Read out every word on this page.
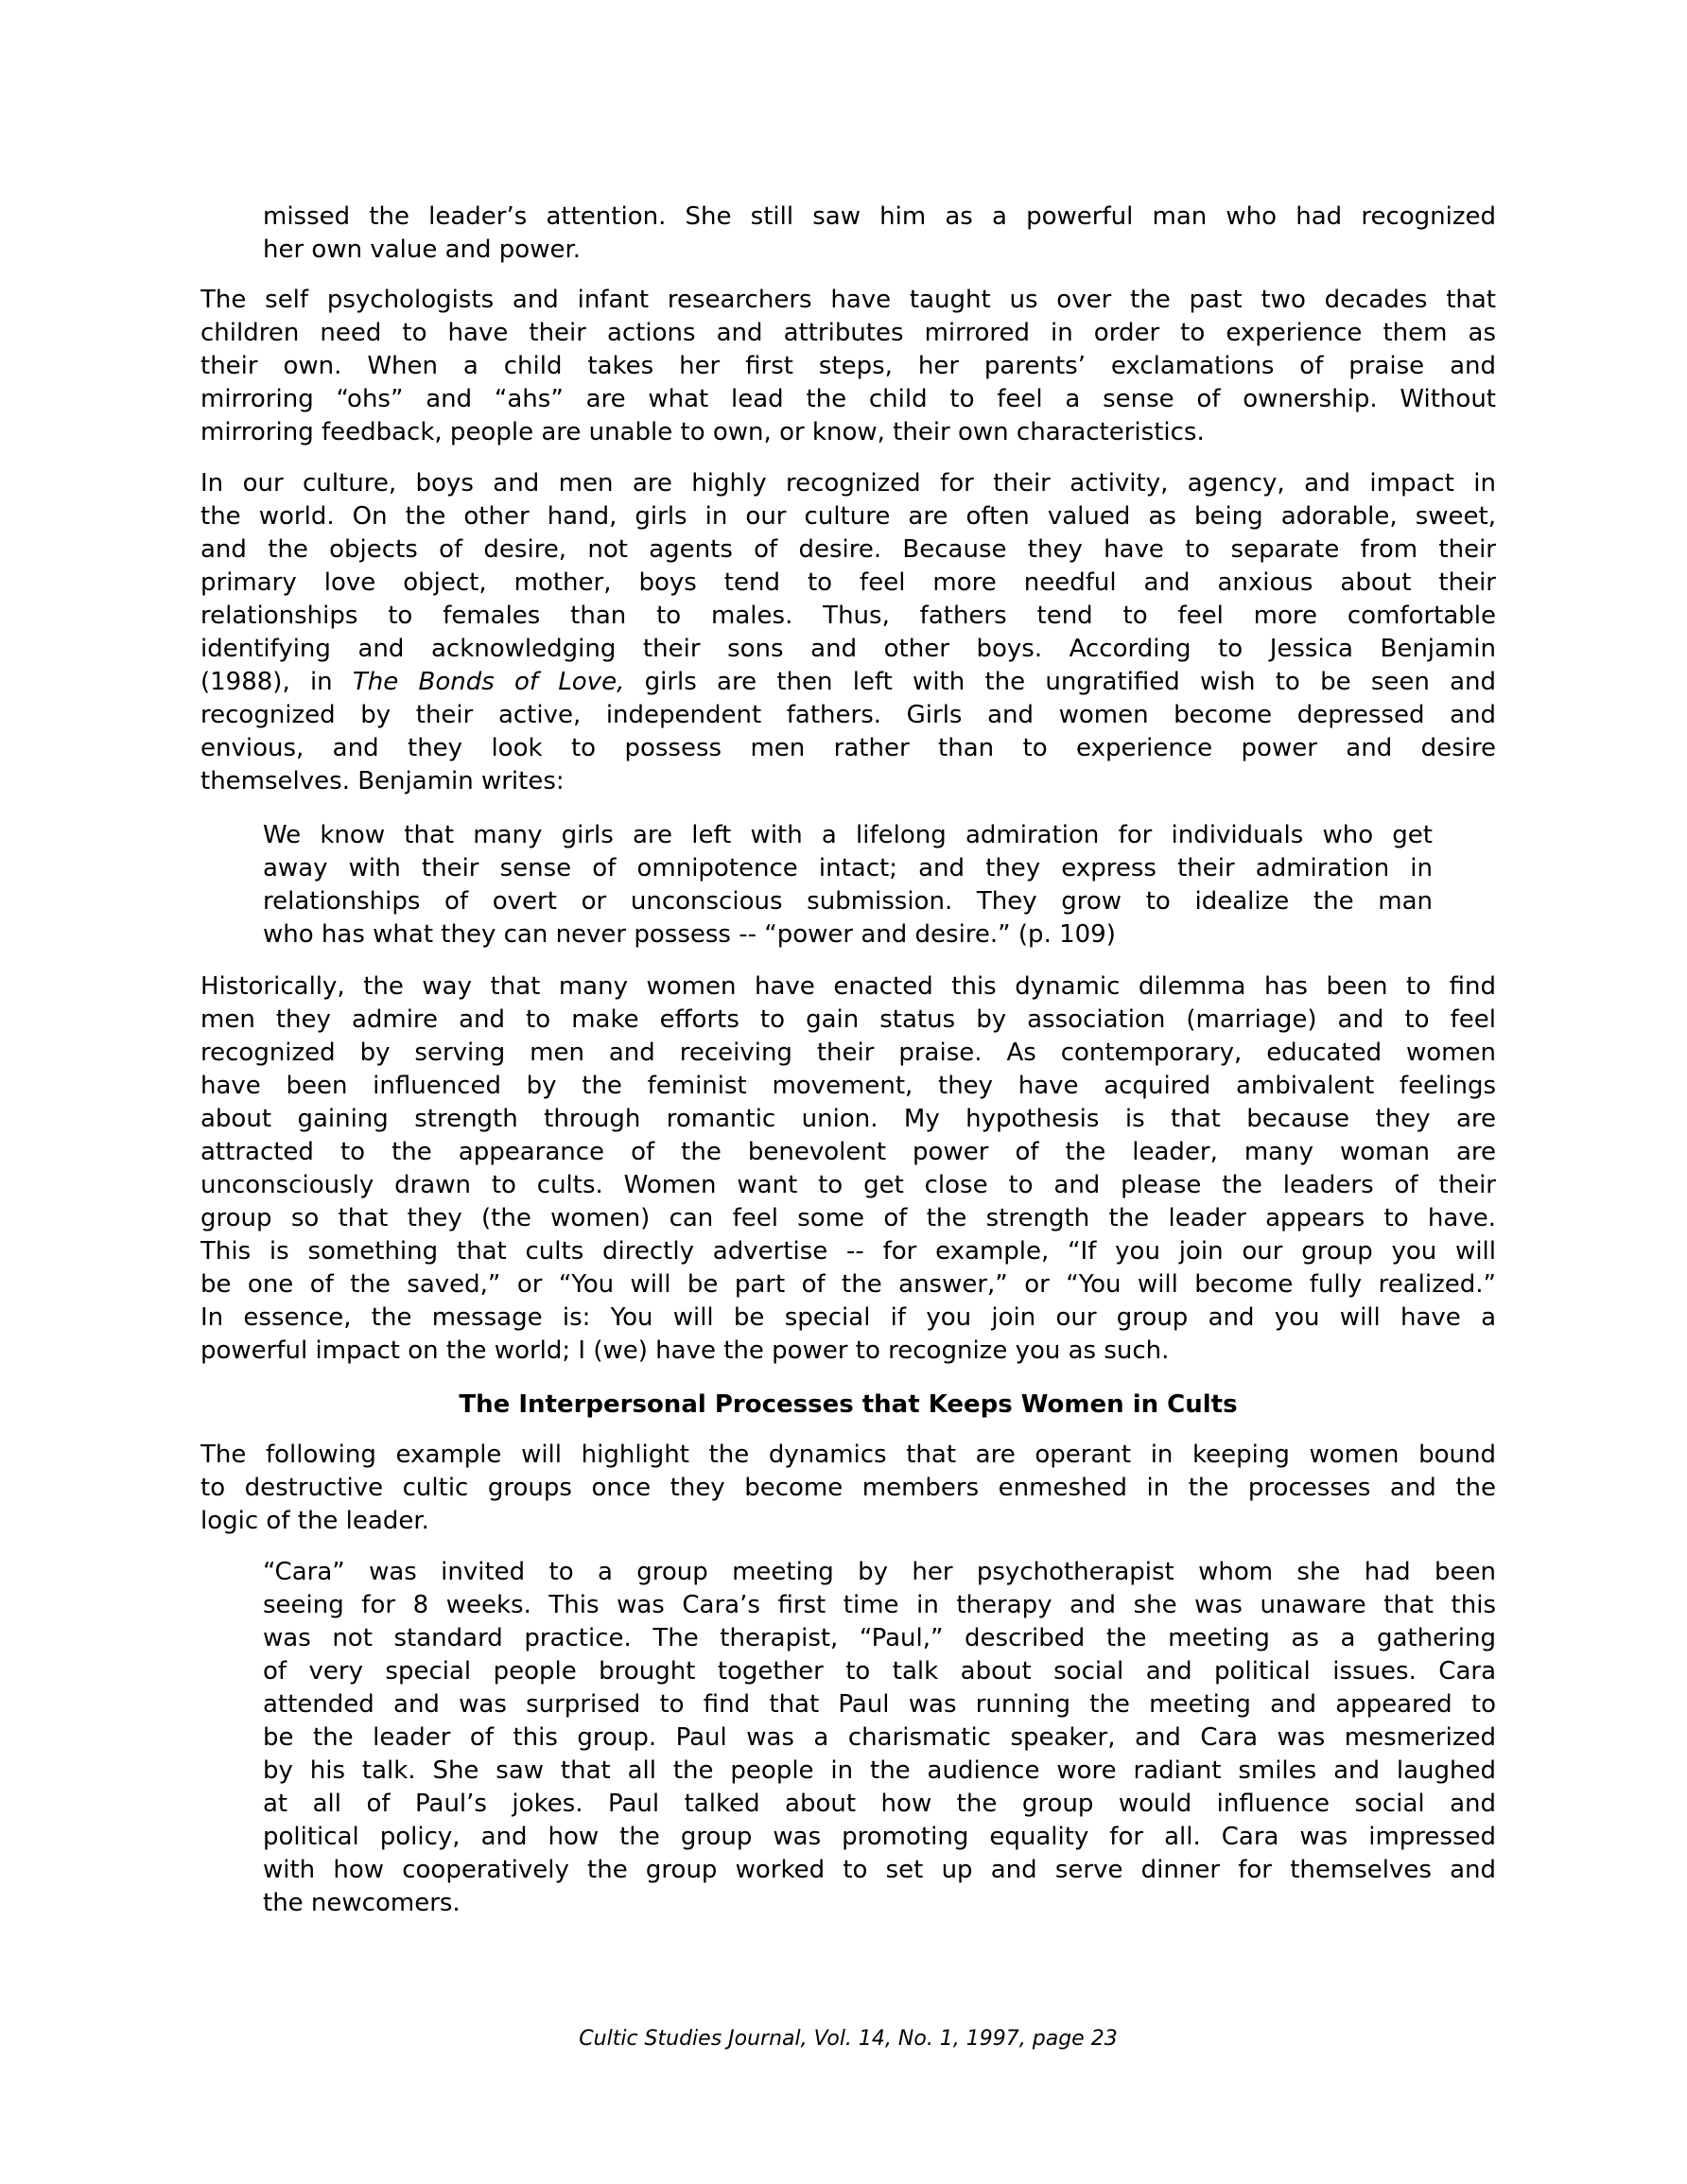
missed the leader’s attention. She still saw him as a powerful man who had recognized
her own value and power.
The self psychologists and infant researchers have taught us over the past two decades that
children need to have their actions and attributes mirrored in order to experience them as
their own. When a child takes her first steps, her parents’ exclamations of praise and
mirroring “ohs” and “ahs” are what lead the child to feel a sense of ownership. Without
mirroring feedback, people are unable to own, or know, their own characteristics.
In our culture, boys and men are highly recognized for their activity, agency, and impact in
the world. On the other hand, girls in our culture are often valued as being adorable, sweet,
and the objects of desire, not agents of desire. Because they have to separate from their
primary love object, mother, boys tend to feel more needful and anxious about their
relationships to females than to males. Thus, fathers tend to feel more comfortable
identifying and acknowledging their sons and other boys. According to Jessica Benjamin
(1988), in The Bonds of Love, girls are then left with the ungratified wish to be seen and
recognized by their active, independent fathers. Girls and women become depressed and
envious, and they look to possess men rather than to experience power and desire
themselves. Benjamin writes:
We know that many girls are left with a lifelong admiration for individuals who get
away with their sense of omnipotence intact; and they express their admiration in
relationships of overt or unconscious submission. They grow to idealize the man
who has what they can never possess -- “power and desire.” (p. 109)
Historically, the way that many women have enacted this dynamic dilemma has been to find
men they admire and to make efforts to gain status by association (marriage) and to feel
recognized by serving men and receiving their praise. As contemporary, educated women
have been influenced by the feminist movement, they have acquired ambivalent feelings
about gaining strength through romantic union. My hypothesis is that because they are
attracted to the appearance of the benevolent power of the leader, many woman are
unconsciously drawn to cults. Women want to get close to and please the leaders of their
group so that they (the women) can feel some of the strength the leader appears to have.
This is something that cults directly advertise -- for example, “If you join our group you will
be one of the saved,” or “You will be part of the answer,” or “You will become fully realized.”
In essence, the message is: You will be special if you join our group and you will have a
powerful impact on the world; I (we) have the power to recognize you as such.
The Interpersonal Processes that Keeps Women in Cults
The following example will highlight the dynamics that are operant in keeping women bound
to destructive cultic groups once they become members enmeshed in the processes and the
logic of the leader.
“Cara” was invited to a group meeting by her psychotherapist whom she had been
seeing for 8 weeks. This was Cara’s first time in therapy and she was unaware that this
was not standard practice. The therapist, “Paul,” described the meeting as a gathering
of very special people brought together to talk about social and political issues. Cara
attended and was surprised to find that Paul was running the meeting and appeared to
be the leader of this group. Paul was a charismatic speaker, and Cara was mesmerized
by his talk. She saw that all the people in the audience wore radiant smiles and laughed
at all of Paul’s jokes. Paul talked about how the group would influence social and
political policy, and how the group was promoting equality for all. Cara was impressed
with how cooperatively the group worked to set up and serve dinner for themselves and
the newcomers.
Cultic Studies Journal, Vol. 14, No. 1, 1997, page 23
